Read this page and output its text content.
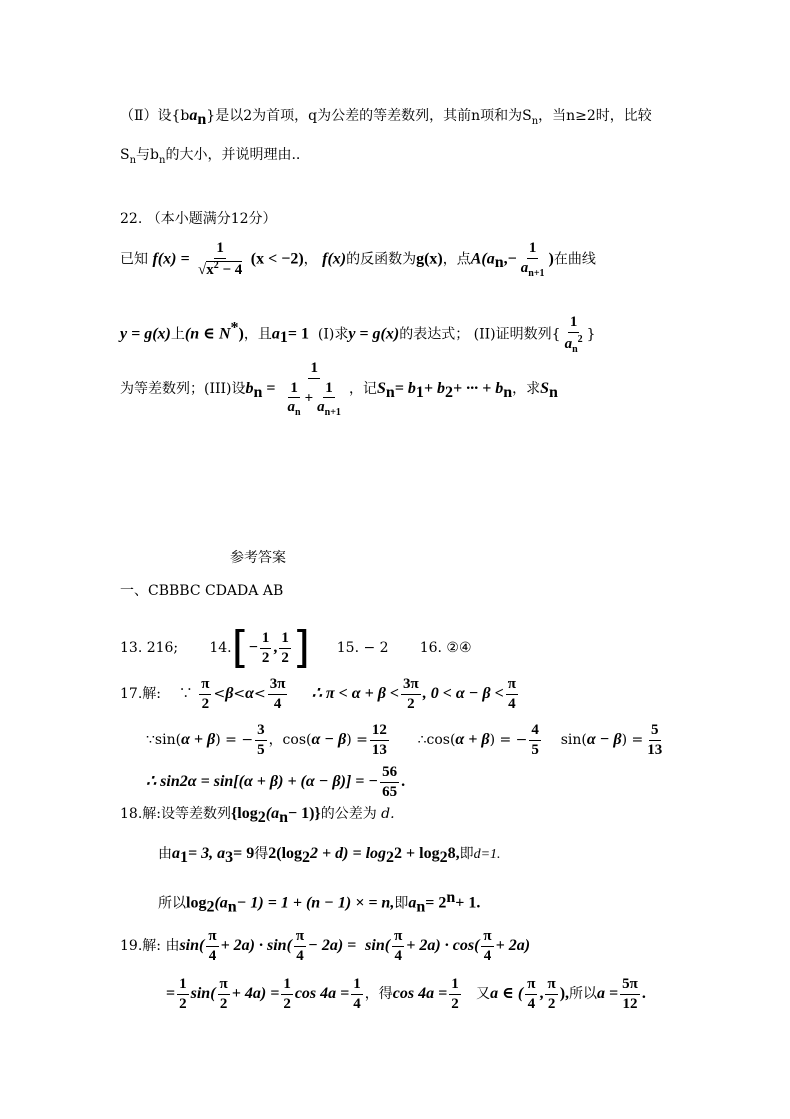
（Ⅱ）设$\{ba_n\}$是以2为首项，q为公差的等差数列，其前n项和为$S_n$，当n≥2时，比较
$S_n$与$b_n$的大小，并说明理由..
22. （本小题满分12分）
已知 $f(x) = \frac{1}{√x^2 - 4} (x < -2)$， f(x)的反函数为g(x)，点$A(a_n,- \frac{1}{a_{n+1}}$ )在曲线
y = g(x)上(n ∈ N*)，且$a_1= 1$ (I)求y = g(x)的表达式； (II)证明数列{ $\frac{1}{a_n^2}$ }
为等差数列；(III)设$b_n = \frac{1}{\frac{1}{a_n} + \frac{1}{a_{n+1}}}$ ，记$S_n= b_1+ b_2+$ ··· + $b_n$，求$S_n$
参考答案
一、CBBBC CDADA AB
13. 216; $14.[- \frac{1}{2}$ , $\frac{1}{2}$ ] 15. − 2 16. ②④
17.解: ∵ $\frac{\pi}{2} <\beta<\alpha< \frac{3\pi}{4}$ ∴ $\pi < \alpha + \beta < \frac{3\pi}{2}$ , $0 < \alpha - \beta < \frac{\pi}{4}$
∵sin(α + β) = − $\frac{3}{5}$ ，$\cos(\alpha - \beta) = \frac{12}{13}$ ∴cos(α + β) = − $\frac{4}{5} \sin(\alpha - \beta) = \frac{5}{13}$
∴ sin2α = sin[(α + β) + (α − β)] = − $\frac{56}{65}$ .
18.解:设等差数列$\{\log_2(a_n- 1)\}$的公差为 d.
由$a_1= 3$, $a_3= 9$得$2(\log_22 + d) = \log_22 + \log_28$,即d=1.
所以$\log_2(a_n- 1) = 1 + (n - 1)$ × = n,即$a_n= 2^n+ 1$.
19.解: 由$\sin( \frac{\pi}{4} + 2a) \cdot \sin( \frac{\pi}{4} - 2a) = \sin( \frac{\pi}{4} + 2a) \cdot \cos( \frac{\pi}{4} + 2a)$
= $\frac{1}{2} \sin( \frac{\pi}{2} + 4a) = \frac{1}{2}$ $\cos 4a = \frac{1}{4}$ ，得$\cos 4a = \frac{1}{2}$ 又a ∈ ( $\frac{\pi}{4}$ , $\frac{\pi}{2}$ ),所以$a = \frac{5\pi}{12}$ .
